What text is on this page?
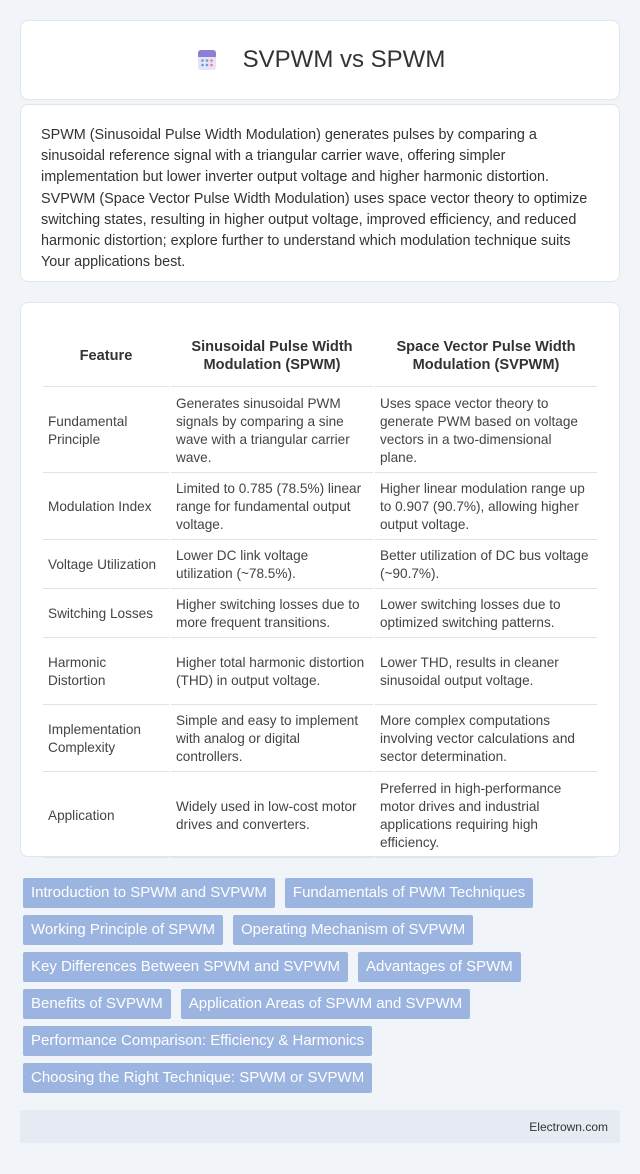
SVPWM vs SPWM

SPWM (Sinusoidal Pulse Width Modulation) generates pulses by comparing a sinusoidal reference signal with a triangular carrier wave, offering simpler implementation but lower inverter output voltage and higher harmonic distortion. SVPWM (Space Vector Pulse Width Modulation) uses space vector theory to optimize switching states, resulting in higher output voltage, improved efficiency, and reduced harmonic distortion; explore further to understand which modulation technique suits Your applications best.

Feature	Sinusoidal Pulse Width Modulation (SPWM)	Space Vector Pulse Width Modulation (SVPWM)
Fundamental Principle	Generates sinusoidal PWM signals by comparing a sine wave with a triangular carrier wave.	Uses space vector theory to generate PWM based on voltage vectors in a two-dimensional plane.
Modulation Index	Limited to 0.785 (78.5%) linear range for fundamental output voltage.	Higher linear modulation range up to 0.907 (90.7%), allowing higher output voltage.
Voltage Utilization	Lower DC link voltage utilization (~78.5%).	Better utilization of DC bus voltage (~90.7%).
Switching Losses	Higher switching losses due to more frequent transitions.	Lower switching losses due to optimized switching patterns.
Harmonic Distortion	Higher total harmonic distortion (THD) in output voltage.	Lower THD, results in cleaner sinusoidal output voltage.
Implementation Complexity	Simple and easy to implement with analog or digital controllers.	More complex computations involving vector calculations and sector determination.
Application	Widely used in low-cost motor drives and converters.	Preferred in high-performance motor drives and industrial applications requiring high efficiency.
Introduction to SPWM and SVPWM	Fundamentals of PWM Techniques
Working Principle of SPWM	Operating Mechanism of SVPWM
Key Differences Between SPWM and SVPWM	Advantages of SPWM
Benefits of SVPWM	Application Areas of SPWM and SVPWM
Performance Comparison: Efficiency & Harmonics
Choosing the Right Technique: SPWM or SVPWM
Electrown.com
